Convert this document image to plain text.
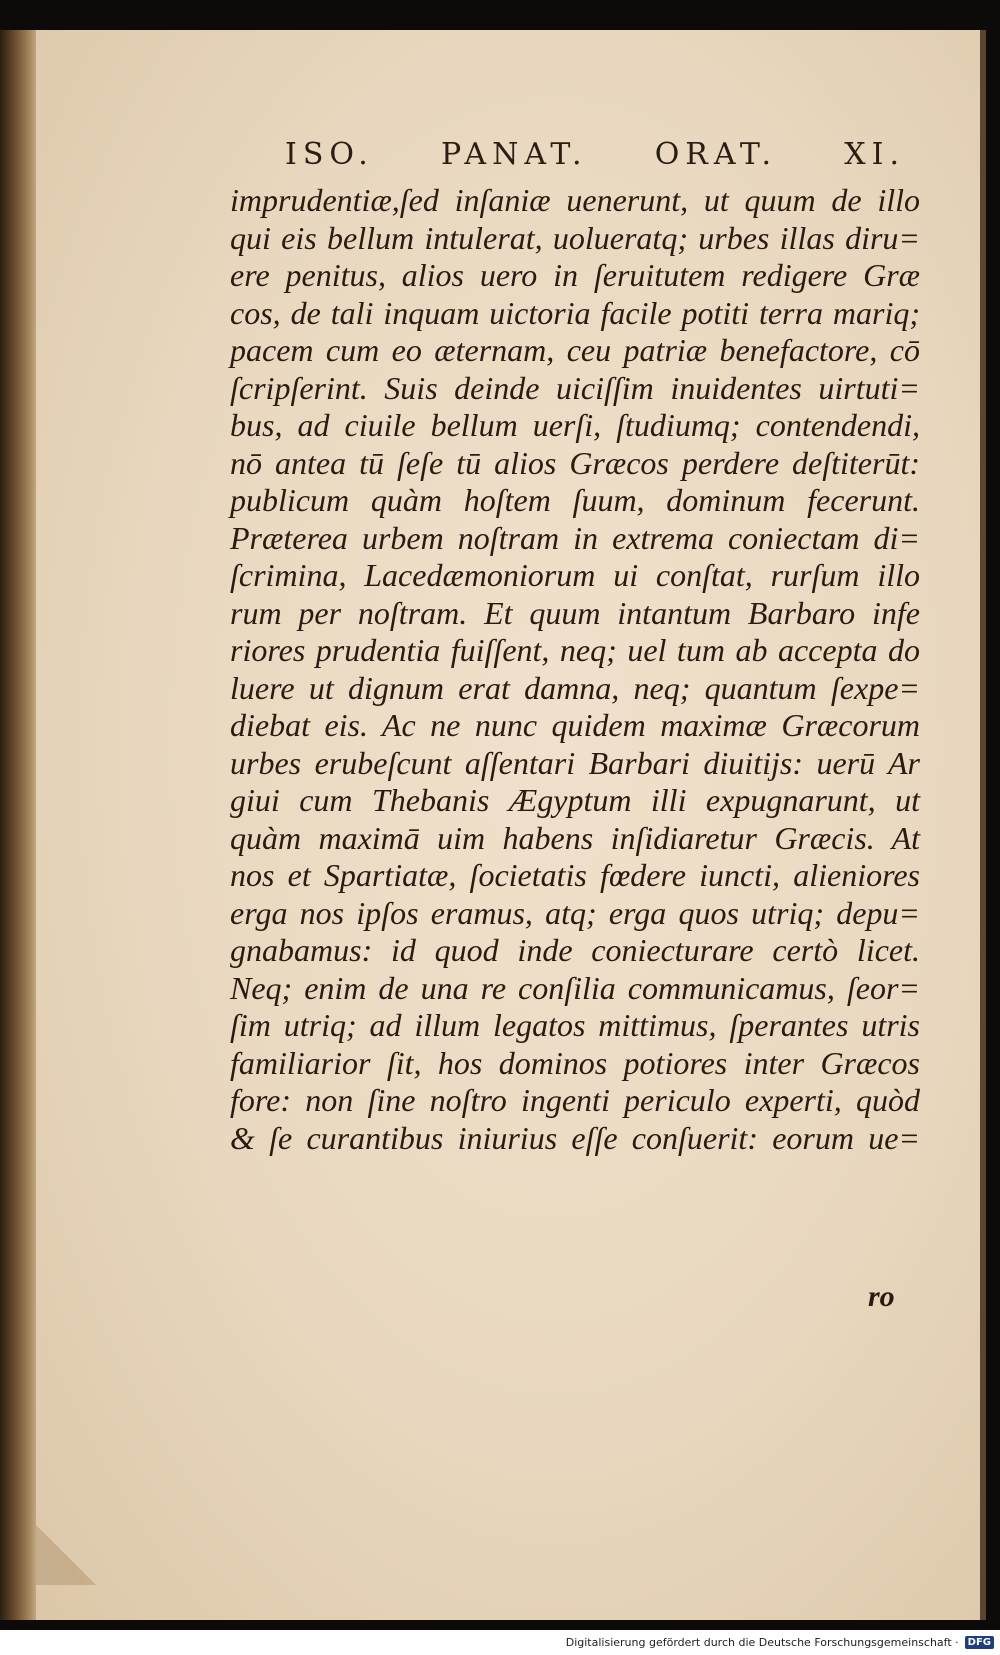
ISO. PANAT. ORAT. XI.
imprudentiæ,ſed inſaniæ uenerunt, ut quum de illo
qui eis bellum intulerat, uolueratq; urbes illas diru=
ere penitus, alios uero in ſeruitutem redigere Græ
cos, de tali inquam uictoria facile potiti terra mariq;
pacem cum eo æternam, ceu patriæ benefactore, cō
ſcripſerint. Suis deinde uiciſſim inuidentes uirtuti=
bus, ad ciuile bellum uerſi, ſtudiumq; contendendi,
nō antea tū ſeſe tū alios Græcos perdere deſtiterūt:
publicum quàm hoſtem ſuum, dominum fecerunt.
Præterea urbem noſtram in extrema coniectam di=
ſcrimina, Lacedæmoniorum ui conſtat, rurſum illo
rum per noſtram. Et quum intantum Barbaro infe
riores prudentia fuiſſent, neq; uel tum ab accepta do
luere ut dignum erat damna, neq; quantum ſexpe=
diebat eis. Ac ne nunc quidem maximæ Græcorum
urbes erubeſcunt aſſentari Barbari diuitijs: uerū Ar
giui cum Thebanis Ægyptum illi expugnarunt, ut
quàm maximā uim habens inſidiaretur Græcis. At
nos et Spartiatæ, ſocietatis fœdere iuncti, alieniores
erga nos ipſos eramus, atq; erga quos utriq; depu=
gnabamus: id quod inde coniecturare certò licet.
Neq; enim de una re conſilia communicamus, ſeor=
ſim utriq; ad illum legatos mittimus, ſperantes utris
familiarior ſit, hos dominos potiores inter Græcos
fore: non ſine noſtro ingenti periculo experti, quòd
& ſe curantibus iniurius eſſe conſuerit: eorum ue=
ro
Digitalisierung gefördert durch die Deutsche Forschungsgemeinschaft · DFG
